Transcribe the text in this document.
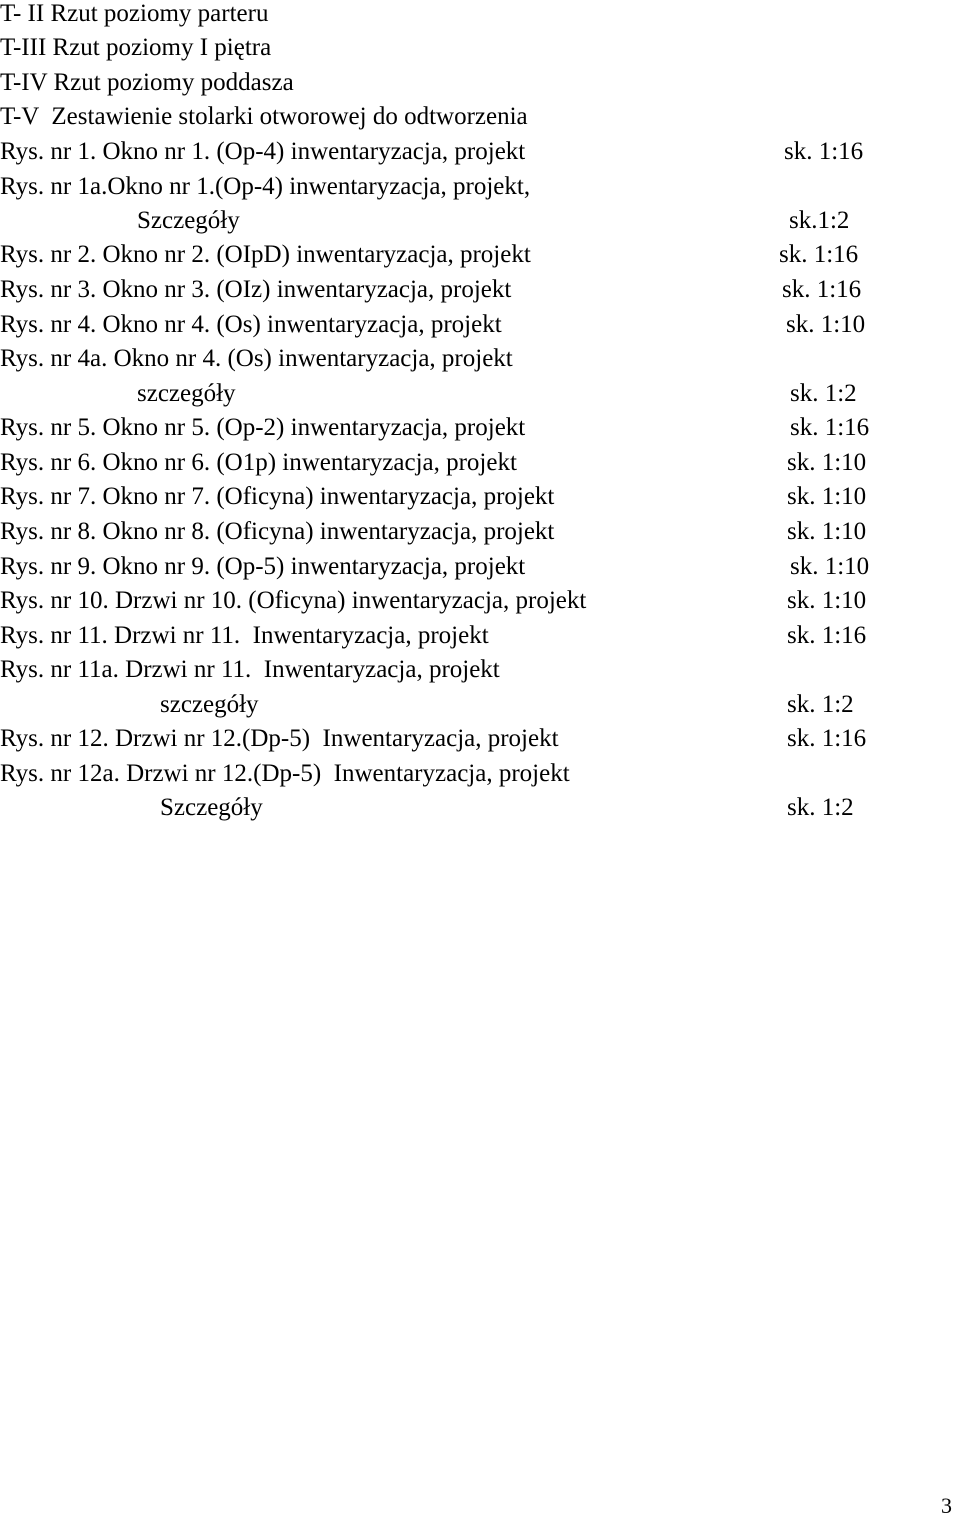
T- II Rzut poziomy parteru
T-III Rzut poziomy I piętra
T-IV Rzut poziomy poddasza
T-V  Zestawienie stolarki otworowej do odtworzenia
Rys. nr 1. Okno nr 1. (Op-4) inwentaryzacja, projekt
Rys. nr 1a.Okno nr 1.(Op-4) inwentaryzacja, projekt,
Szczegóły
Rys. nr 2. Okno nr 2. (OIpD) inwentaryzacja, projekt
Rys. nr 3. Okno nr 3. (OIz) inwentaryzacja, projekt
Rys. nr 4. Okno nr 4. (Os) inwentaryzacja, projekt
Rys. nr 4a. Okno nr 4. (Os) inwentaryzacja, projekt
szczegóły
Rys. nr 5. Okno nr 5. (Op-2) inwentaryzacja, projekt
Rys. nr 6. Okno nr 6. (O1p) inwentaryzacja, projekt
Rys. nr 7. Okno nr 7. (Oficyna) inwentaryzacja, projekt
Rys. nr 8. Okno nr 8. (Oficyna) inwentaryzacja, projekt
Rys. nr 9. Okno nr 9. (Op-5) inwentaryzacja, projekt
Rys. nr 10. Drzwi nr 10. (Oficyna) inwentaryzacja, projekt
Rys. nr 11. Drzwi nr 11.  Inwentaryzacja, projekt
Rys. nr 11a. Drzwi nr 11.  Inwentaryzacja, projekt
szczegóły
Rys. nr 12. Drzwi nr 12.(Dp-5)  Inwentaryzacja, projekt
Rys. nr 12a. Drzwi nr 12.(Dp-5)  Inwentaryzacja, projekt
Szczegóły
sk. 1:16
sk.1:2
sk. 1:16
sk. 1:16
sk. 1:10
sk. 1:2
sk. 1:16
sk. 1:10
sk. 1:10
sk. 1:10
sk. 1:10
sk. 1:10
sk. 1:16
sk. 1:2
sk. 1:16
sk. 1:2
3
